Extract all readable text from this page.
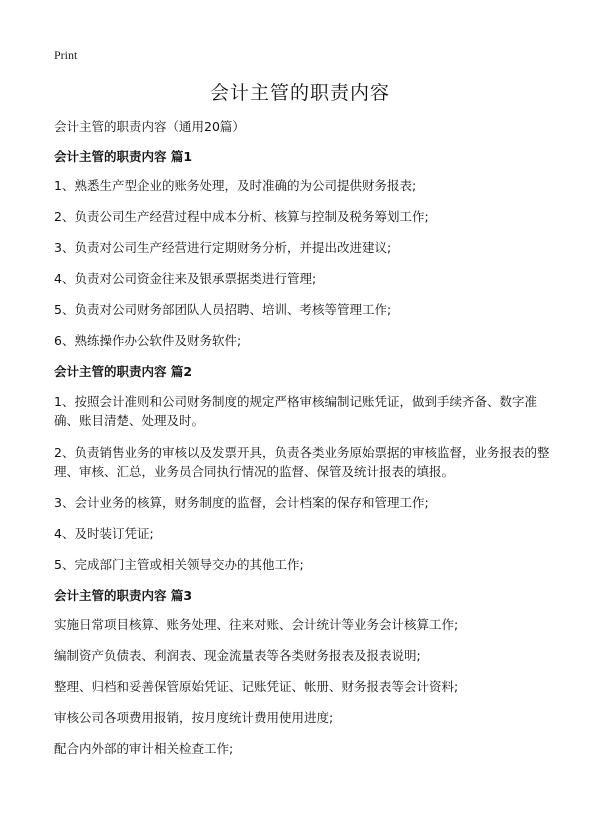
Print
会计主管的职责内容
会计主管的职责内容（通用20篇）
会计主管的职责内容 篇1
1、熟悉生产型企业的账务处理，及时准确的为公司提供财务报表;
2、负责公司生产经营过程中成本分析、核算与控制及税务筹划工作;
3、负责对公司生产经营进行定期财务分析，并提出改进建议;
4、负责对公司资金往来及银承票据类进行管理;
5、负责对公司财务部团队人员招聘、培训、考核等管理工作;
6、熟练操作办公软件及财务软件;
会计主管的职责内容 篇2
1、按照会计准则和公司财务制度的规定严格审核编制记账凭证，做到手续齐备、数字准确、账目清楚、处理及时。
2、负责销售业务的审核以及发票开具，负责各类业务原始票据的审核监督，业务报表的整理、审核、汇总，业务员合同执行情况的监督、保管及统计报表的填报。
3、会计业务的核算，财务制度的监督，会计档案的保存和管理工作;
4、及时装订凭证;
5、完成部门主管或相关领导交办的其他工作;
会计主管的职责内容 篇3
实施日常项目核算、账务处理、往来对账、会计统计等业务会计核算工作;
编制资产负债表、利润表、现金流量表等各类财务报表及报表说明;
整理、归档和妥善保管原始凭证、记账凭证、帐册、财务报表等会计资料;
审核公司各项费用报销，按月度统计费用使用进度;
配合内外部的审计相关检查工作;
